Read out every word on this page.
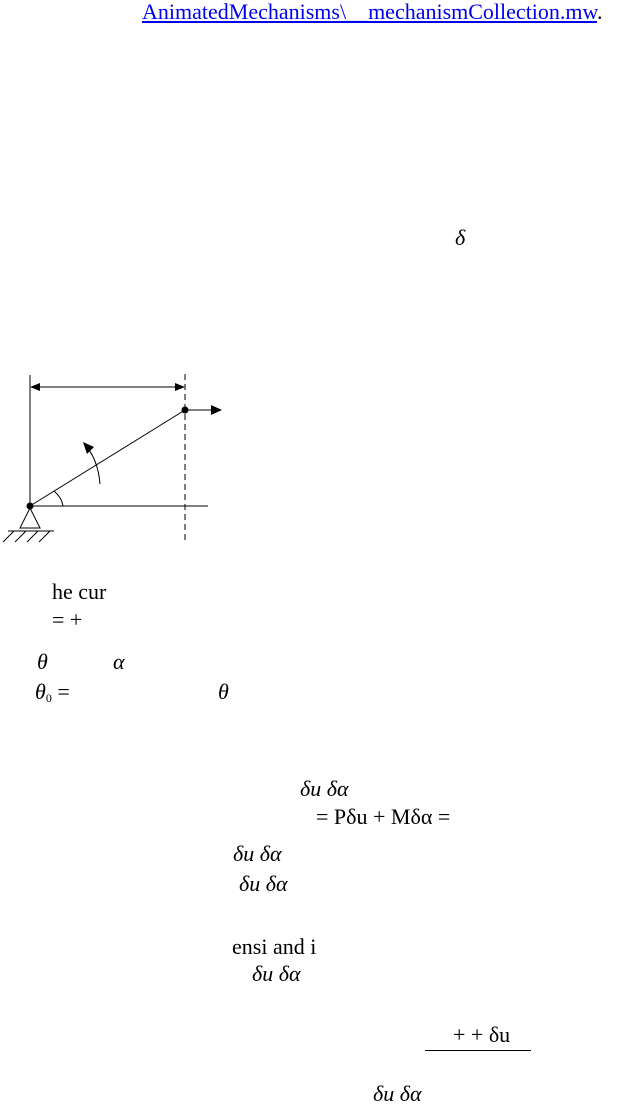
AnimatedMechanisms\__mechanismCollection.mw.
δ
he cur
= +
θ	α
$\theta_0$ =	θ
δu δα
= Pδu + Mδα =
δu δα
δu δα
ensi and i
δu δα
+ + δu
δu δα
